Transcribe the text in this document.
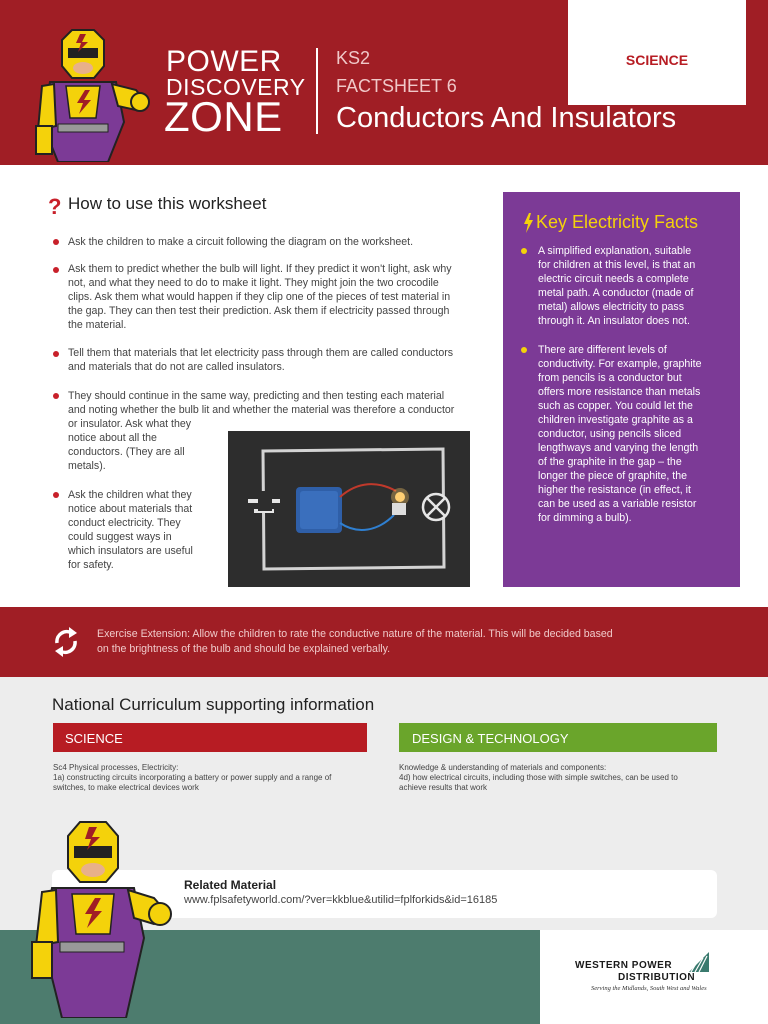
SCIENCE
POWER
DISCOVERY
ZONE
KS2
FACTSHEET 6
Conductors And Insulators
? How to use this worksheet
Ask the children to make a circuit following the diagram on the worksheet.
Ask them to predict whether the bulb will light. If they predict it won't light, ask why
not, and what they need to do to make it light. They might join the two crocodile
clips. Ask them what would happen if they clip one of the pieces of test material in
the gap. They can then test their prediction. Ask them if electricity passed through
the material.
Tell them that materials that let electricity pass through them are called conductors
and materials that do not are called insulators.
They should continue in the same way, predicting and then testing each material
and noting whether the bulb lit and whether the material was therefore a conductor
or insulator. Ask what they
notice about all the
conductors. (They are all
metals).
Ask the children what they
notice about materials that
conduct electricity. They
could suggest ways in
which insulators are useful
for safety.
Key Electricity Facts
A simplified explanation, suitable
for children at this level, is that an
electric circuit needs a complete
metal path. A conductor (made of
metal) allows electricity to pass
through it. An insulator does not.
There are different levels of
conductivity. For example, graphite
from pencils is a conductor but
offers more resistance than metals
such as copper. You could let the
children investigate graphite as a
conductor, using pencils sliced
lengthways and varying the length
of the graphite in the gap – the
longer the piece of graphite, the
higher the resistance (in effect, it
can be used as a variable resistor
for dimming a bulb).
Exercise Extension: Allow the children to rate the conductive nature of the material. This will be decided based
on the brightness of the bulb and should be explained verbally.
National Curriculum supporting information
SCIENCE	DESIGN & TECHNOLOGY
Sc4 Physical processes, Electricity:
1a) constructing circuits incorporating a battery or power supply and a range of
switches, to make electrical devices work
Knowledge & understanding of materials and components:
4d) how electrical circuits, including those with simple switches, can be used to
achieve results that work
Related Material
www.fplsafetyworld.com/?ver=kkblue&utilid=fplforkids&id=16185
WESTERN POWER
DISTRIBUTION
Serving the Midlands, South West and Wales
